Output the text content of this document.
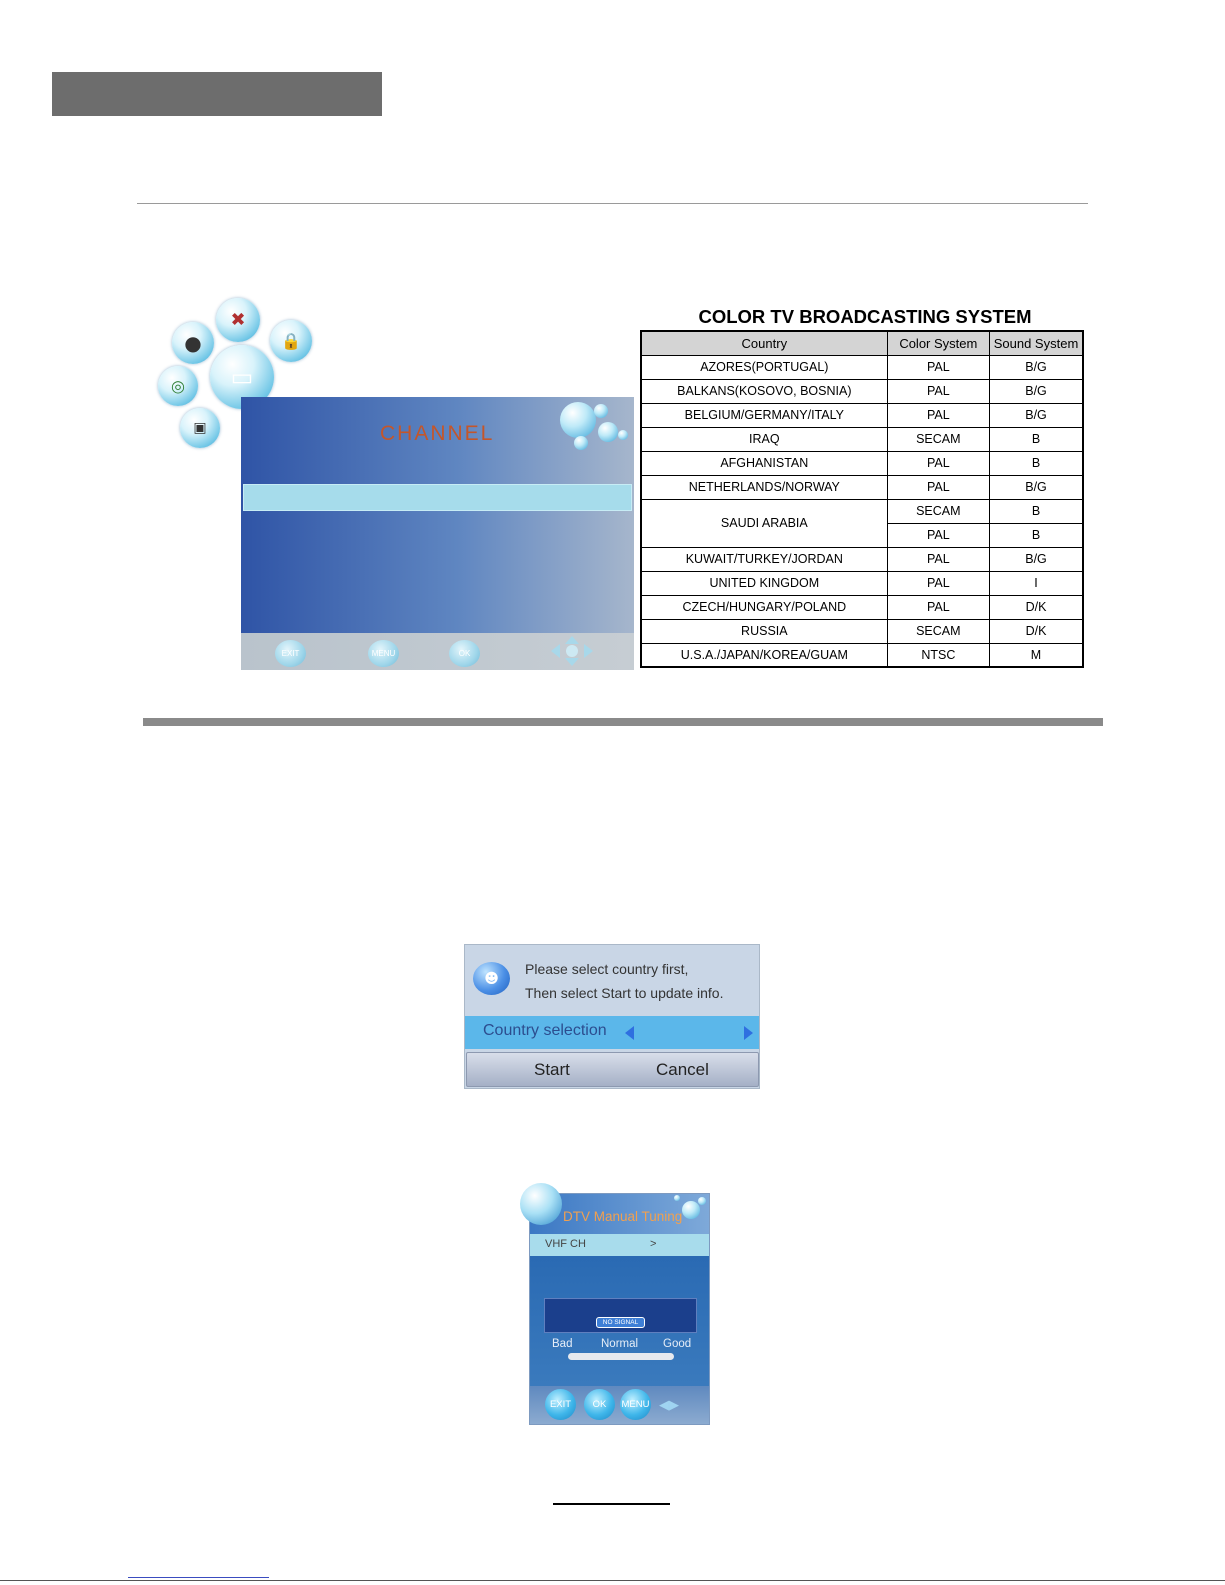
●
✖
🔒
◎ ▭
▣	CHANNEL
EXIT	MENU	OK
COLOR TV BROADCASTING SYSTEM
Country	Color System	Sound System
AZORES(PORTUGAL)	PAL	B/G
BALKANS(KOSOVO, BOSNIA)	PAL	B/G
BELGIUM/GERMANY/ITALY	PAL	B/G
IRAQ	SECAM	B
AFGHANISTAN	PAL	B
NETHERLANDS/NORWAY	PAL	B/G
SAUDI ARABIA	SECAM	B
	PAL	B
KUWAIT/TURKEY/JORDAN	PAL	B/G
UNITED KINGDOM	PAL	I
CZECH/HUNGARY/POLAND	PAL	D/K
RUSSIA	SECAM	D/K
U.S.A./JAPAN/KOREA/GUAM	NTSC	M
☻
Please select country first,
Then select Start to update info.
Country selection
Start	Cancel
DTV Manual Tuning
VHF CH	>
NO SIGNAL
Bad Normal Good
EXIT	OK	MENU ◀▶
